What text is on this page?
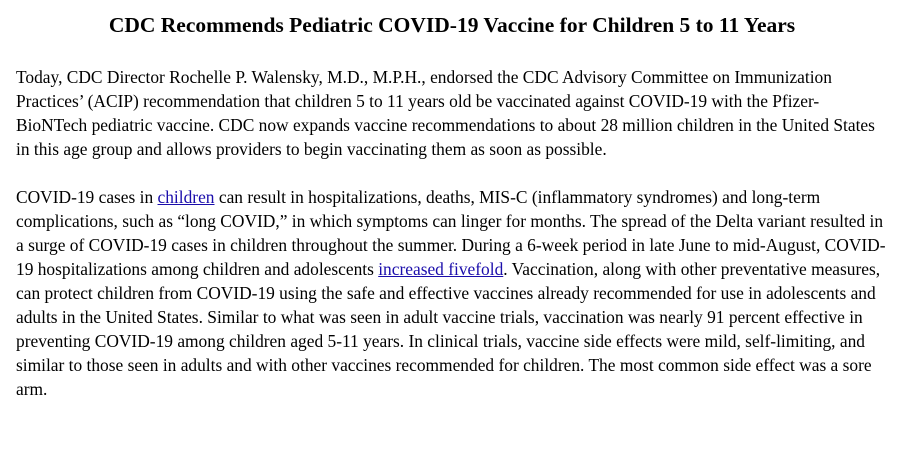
CDC Recommends Pediatric COVID-19 Vaccine for Children 5 to 11 Years

Today, CDC Director Rochelle P. Walensky, M.D., M.P.H., endorsed the CDC Advisory Committee on Immunization Practices’ (ACIP) recommendation that children 5 to 11 years old be vaccinated against COVID-19 with the Pfizer-BioNTech pediatric vaccine. CDC now expands vaccine recommendations to about 28 million children in the United States in this age group and allows providers to begin vaccinating them as soon as possible.

COVID-19 cases in children can result in hospitalizations, deaths, MIS-C (inflammatory syndromes) and long-term complications, such as “long COVID,” in which symptoms can linger for months. The spread of the Delta variant resulted in a surge of COVID-19 cases in children throughout the summer. During a 6-week period in late June to mid-August, COVID-19 hospitalizations among children and adolescents increased fivefold. Vaccination, along with other preventative measures, can protect children from COVID-19 using the safe and effective vaccines already recommended for use in adolescents and adults in the United States. Similar to what was seen in adult vaccine trials, vaccination was nearly 91 percent effective in preventing COVID-19 among children aged 5-11 years. In clinical trials, vaccine side effects were mild, self-limiting, and similar to those seen in adults and with other vaccines recommended for children. The most common side effect was a sore arm.
